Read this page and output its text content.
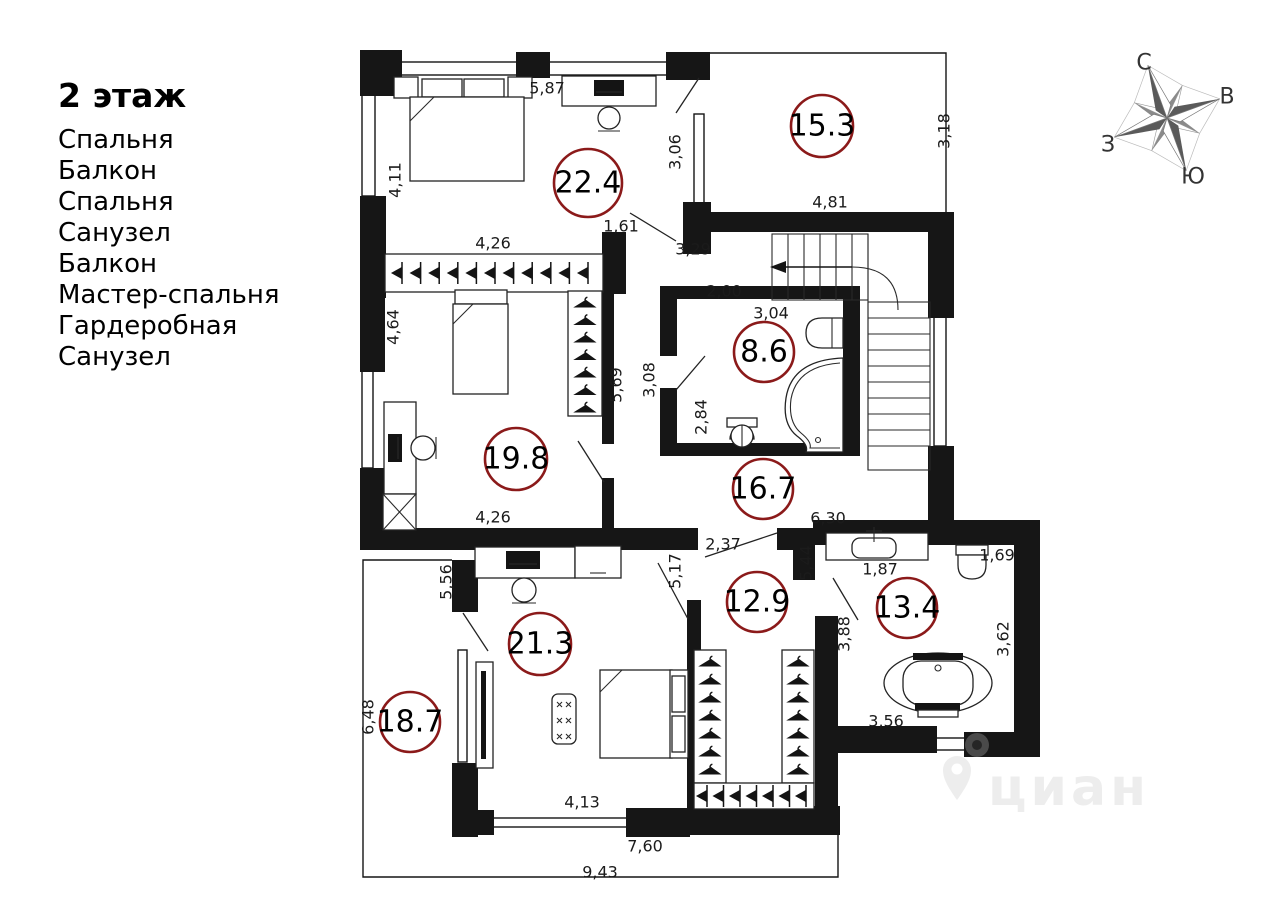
2 этаж
Спальня
Балкон
Спальня
Санузел
Балкон
Мастер-спальня
Гардеробная
Санузел
5,87
3,06
3,18
4,81
4,11
1,61
3,29
4,26
2,00
3,04
4,64
3,08
2,84
5,69
4,26	6,30
2,37
5,44	1,87
1,69
5,56	5,17
3,88	3,62
3,56
6,48
4,13
7,60
9,43
22.4
15.3
8.6
19.8
16.7
12.9	13.4
21.3
18.7
С
В
З
Ю
циан
